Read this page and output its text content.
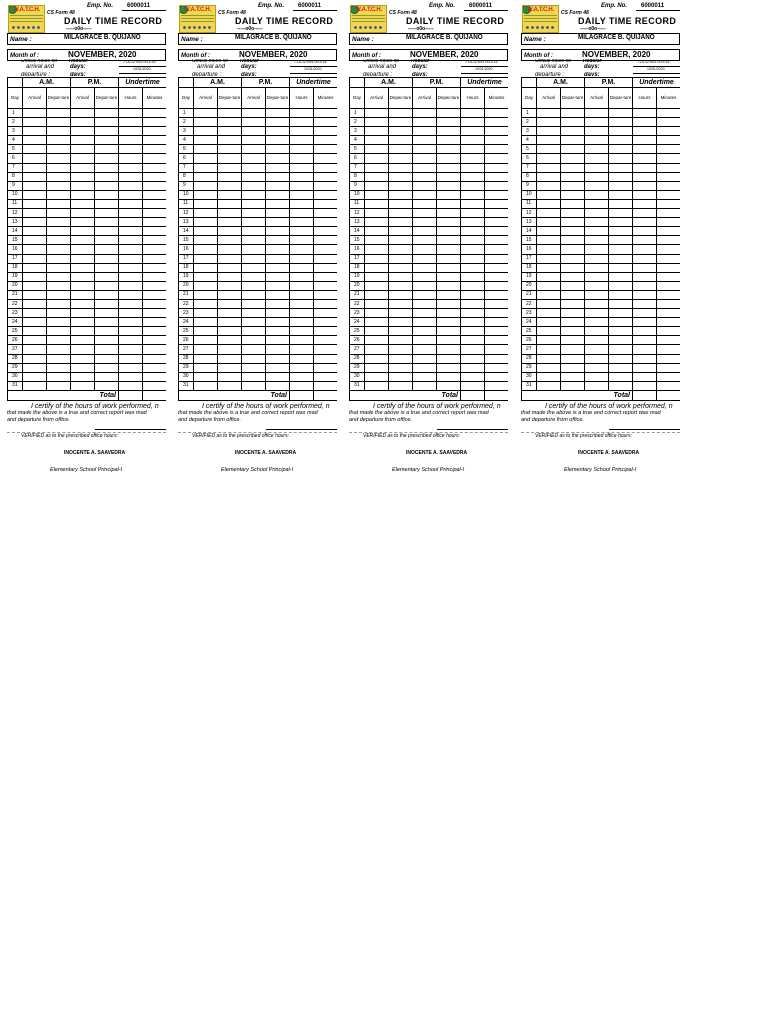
W.A.T.C.H.
Emp. No. 6000011
CS Form 48
DAILY TIME RECORD
-----o0o-----
Name :	MILAGRACE B. QUIJANO
Month of :	NOVEMBER, 2020
Official hours for Regular
arrival and	days:
departure :	days:
7:15-12:00/1:00-4:15
10/31/2020
	A.M.		P.M.		Undertime	
Day	Arrival	Depar-ture	Arrival	Depar-ture	Hours	Minutes
1						
2						
3						
4						
5						
6						
7						
8						
9						
10						
11						
12						
13						
14						
15						
16						
17						
18						
19						
20						
21						
22						
23						
24						
25						
26						
27						
28						
29						
30						
31						
Total						
I certify of the hours of work performed, n
that made the above is a true and correct report was mad
and departure from office.
VERIFIED as to the prescribed office hours:
INOCENTE A. SAAVEDRA
Elementary School Principal-I
W.A.T.C.H.
Emp. No. 6000011
CS Form 48
DAILY TIME RECORD
-----o0o-----
Name :	MILAGRACE B. QUIJANO
Month of :	NOVEMBER, 2020
Official hours for Regular
arrival and	days:
departure :	days:
7:15-12:00/1:00-4:15
10/31/2020
	A.M.		P.M.		Undertime	
Day	Arrival	Depar-ture	Arrival	Depar-ture	Hours	Minutes
1						
2						
3						
4						
5						
6						
7						
8						
9						
10						
11						
12						
13						
14						
15						
16						
17						
18						
19						
20						
21						
22						
23						
24						
25						
26						
27						
28						
29						
30						
31						
Total						
I certify of the hours of work performed, n
that made the above is a true and correct report was mad
and departure from office.
VERIFIED as to the prescribed office hours:
INOCENTE A. SAAVEDRA
Elementary School Principal-I
W.A.T.C.H.
Emp. No. 6000011
CS Form 48
DAILY TIME RECORD
-----o0o-----
Name :	MILAGRACE B. QUIJANO
Month of :	NOVEMBER, 2020
Official hours for Regular
arrival and	days:
departure :	days:
7:15-12:00/1:00-4:15
10/31/2020
	A.M.		P.M.		Undertime	
Day	Arrival	Depar-ture	Arrival	Depar-ture	Hours	Minutes
1						
2						
3						
4						
5						
6						
7						
8						
9						
10						
11						
12						
13						
14						
15						
16						
17						
18						
19						
20						
21						
22						
23						
24						
25						
26						
27						
28						
29						
30						
31						
Total						
I certify of the hours of work performed, n
that made the above is a true and correct report was mad
and departure from office.
VERIFIED as to the prescribed office hours:
INOCENTE A. SAAVEDRA
Elementary School Principal-I
W.A.T.C.H.
Emp. No. 6000011
CS Form 48
DAILY TIME RECORD
-----o0o-----
Name :	MILAGRACE B. QUIJANO
Month of :	NOVEMBER, 2020
Official hours for Regular
arrival and	days:
departure :	days:
7:15-12:00/1:00-4:15
10/31/2020
	A.M.		P.M.		Undertime	
Day	Arrival	Depar-ture	Arrival	Depar-ture	Hours	Minutes
1						
2						
3						
4						
5						
6						
7						
8						
9						
10						
11						
12						
13						
14						
15						
16						
17						
18						
19						
20						
21						
22						
23						
24						
25						
26						
27						
28						
29						
30						
31						
Total						
I certify of the hours of work performed, n
that made the above is a true and correct report was mad
and departure from office.
VERIFIED as to the prescribed office hours:
INOCENTE A. SAAVEDRA
Elementary School Principal-I
